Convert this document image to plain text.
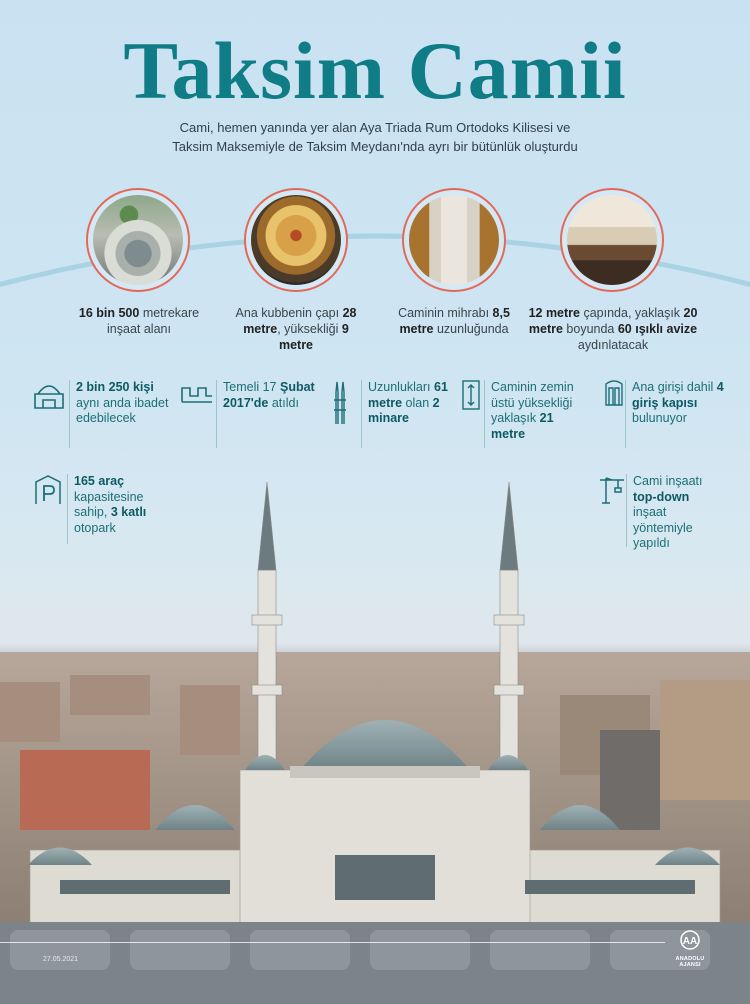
Taksim Camii

Cami, hemen yanında yer alan Aya Triada Rum Ortodoks Kilisesi ve Taksim Maksemiyle de Taksim Meydanı'nda ayrı bir bütünlük oluşturdu

16 bin 500 metrekare inşaat alanı
Ana kubbenin çapı 28 metre, yüksekliği 9 metre
Caminin mihrabı 8,5 metre uzunluğunda
12 metre çapında, yaklaşık 20 metre boyunda 60 ışıklı avize aydınlatacak
2 bin 250 kişi aynı anda ibadet edebilecek
Temeli 17 Şubat 2017'de atıldı
Uzunlukları 61 metre olan 2 minare
Caminin zemin üstü yüksekliği yaklaşık 21 metre
Ana girişi dahil 4 giriş kapısı bulunuyor
165 araç kapasitesine sahip, 3 katlı otopark
Cami inşaatı top-down inşaat yöntemiyle yapıldı
27.05.2021
AA
ANADOLU AJANSI
